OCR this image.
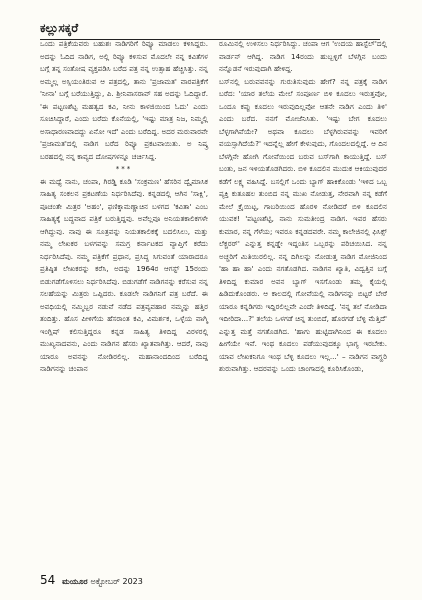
ಕಲ್ಲುಸಕ್ಕರೆ

ಒಂದು ಪತ್ರಿಕೆಯವರು ಬಹುಶಃ ನಾಡಿಗರಿಗೆ ರಿವ್ಯೂ ಮಾಡಲು ಕಳಿಸಿದ್ದರು. ಅದನ್ನು ಓದಿದ ನಾಡಿಗ, ಅಲ್ಲಿ ರಿವ್ಯೂ ಕಳಿಸುವ ಮೊದಲೇ ನನ್ನ ಕವಿತೆಗಳ ಬಗ್ಗೆ ತನ್ನ ಸಂತೋಷ ವ್ಯಕ್ತಪಡಿಸಿ ಬರೆದ ಪತ್ರ ನನ್ನ ಉತ್ಸಾಹ ಹೆಚ್ಚಿಸಿತ್ತು. ನನ್ನ ಅಮ್ಮಲ್ಲ ಅಸ್ಸಿಯಂತಿರುವ ಆ ಪತ್ರದಲ್ಲಿ, ತಾನು 'ಪ್ರಜಾಮತ' ವಾರಪತ್ರಿಕೆಗೆ 'ನೀನಾ' ಬಗ್ಗೆ ಬರೆಯುತ್ತಿದ್ದು, ಪಿ. ಶ್ರೀನಿವಾಸರಾವ್ ಸಹ ಅದನ್ನು ಓದಿದ್ದಾರೆ. 'ಈ ಪಟ್ಟಣಶೆಟ್ಟ ಮಹತ್ವದ ಕವಿ, ನೀನು ಕಾಳಜಿಯಿಂದ ಓದು' ಎಂದು ಸೂಚಿಸಿದ್ದಾರೆ, ಎಂದು ಬರೆದು ಕೊನೆಯಲ್ಲಿ, 'ಇಷ್ಟು ಮಾತ್ರ ನಿಜ, ನಿಮ್ಮಲ್ಲಿ ಅಸಾಧಾರಣವಾದದ್ದು ಏನೋ ಇದೆ' ಎಂದು ಬರೆದಿದ್ದ. ಅದರ ಮರುವಾರವೇ 'ಪ್ರಜಾಮತ'ದಲ್ಲಿ ನಾಡಿಗ ಬರೆದ ರಿವ್ಯೂ ಪ್ರಕಟವಾಯಿತು. ಅ ನಿಷ್ಕ್ರ ಬರಹದಲ್ಲಿ ನನ್ನ ಕಾವ್ಯದ ದೋಷಗಳನ್ನೂ ಚರ್ಚಿಸಿದ್ದ.

***

ಈ ಮಧ್ಯೆ ನಾನು, ಚಂಪಾ, ಗಿರಡ್ಡಿ ಕೂಡಿ 'ಸಂಕ್ರಮಣ' ಹೆಸರಿನ ದ್ವೈಮಾಸಿಕ ಸಾಹಿತ್ಯ ಸಂಕಲನ ಪ್ರಕಟಣೆಯ ನಿರ್ಧರಿಸಿದೆವು. ಕನ್ನಡದಲ್ಲಿ ಆಗಿನ 'ಸಾಕ್ಷಿ', ಪೂಚಂತೇ ಮಿತ್ರರ 'ಅಹಂ', ಫಣಿಕ್ಕಾಮಣ್ಣಾಚಿನ ಬಳಗದ 'ಕವಿತಾ' ಎಂಬ ಸಾಹಿತ್ಯಕ್ಕೆ ಬದ್ಧವಾದ ಪತ್ರಿಕೆ ಬರುತ್ತಿದ್ದವು. ಅವೆಲ್ಲವೂ ಅನಿಯತಕಾಲಿಕಗಳೇ ಆಗಿದ್ದುವು. ನಾವು ಈ ಸೂತ್ರವನ್ನು ನಿಯತಕಾಲಿಕಕ್ಕೆ ಬದಲಿಸಿಲು, ಮತ್ತು ನಮ್ಮ ಲೇಖಕರ ಬಳಗವನ್ನು ಸಮಗ್ರ ಕರ್ನಾಟಕದ ವ್ಯಾಪ್ತಿಗೆ ಕರೆದು ನಿರ್ಧರಿಸಿದೆವು. ನಮ್ಮ ಪತ್ರಿಕೆಗೆ ಪ್ರಧಾನ, ಪ್ರಸಿದ್ಧ ಸಿಗುವಂತೆ ಯಾರಾದರೂ ಪ್ರತಿಷ್ಠಿತ ಲೇಖಕರನ್ನು ಕರೆಸಿ, ಅದನ್ನು 1964ರ ಆಗಸ್ಟ್ 15ರಂದು ಬಿಡುಗಡೆಗೊಳಿಸಲು ನಿರ್ಧರಿಸಿದೆವು. ಬಿಡುಗಡೆಗೆ ನಾಡಿಗನನ್ನು ಕರೆಸುವ ನನ್ನ ಸಲಹೆಯನ್ನು ಮಿತ್ರರು ಒಪ್ಪಿದರು. ಕೂಡಲೇ ನಾಡಿಗನಿಗೆ ಪತ್ರ ಬರೆದೆ. ಈ ಅವಧಿಯಲ್ಲಿ ನಮ್ಮಿಬ್ಬರ ನಡುವೆ ನಡೆದ ಪತ್ರವ್ಯವಹಾರ ನಮ್ಮನ್ನು ಹತ್ತಿರ ತಂದಿತ್ತು. ಹೊಸ ಪೀಳಿಗೆಯ ಹೆಸರಾಂತ ಕವಿ, ವಿಮರ್ಶಕ, ಒಳ್ಳೆಯ ವಾಗ್ಮಿ ಇಂಗ್ಲಿಷ್ ಕಲಿಸುತ್ತಿದ್ದರೂ ಕನ್ನಡ ಸಾಹಿತ್ಯ ತಿಳಿದಿದ್ದ ವಿರಳರಲ್ಲಿ ಮುಖ್ಯನಾದವನು, ಎಂದು ನಾಡಿಗನ ಹೆಸರು ಖ್ಯಾತವಾಗಿತ್ತು. ಆದರೆ, ನಾವು ಯಾರೂ ಅವನನ್ನು ನೋಡಿರಲಿಲ್ಲ. ಮಹಾನಾಂದದಿಂದ ಬರೆದಿದ್ದ ನಾಡಿಗನನ್ನು ಚಂಪಾನ

ರೂಮಿನಲ್ಲಿ ಉಳಿಸಲು ನಿರ್ಧರಿಸಿದ್ದು. ಚಂಪಾ ಆಗ 'ಉದಯ ಹಾಸ್ಟೆಲ್'ದಲ್ಲಿ ವಾರ್ಡನ್ ಆಗಿದ್ದ. ನಾಡಿಗ 14ರಂದು ಹುಬ್ಬಳ್ಳಿಗೆ ಬೆಳಗ್ಗಿನ ಬಂದು ನನ್ನೊಡನೆ ಇರುವುದಾಗಿ ಹೇಳಿದ್ದ.

ಬಸ್‌ನಲ್ಲಿ ಬರುವವನನ್ನು ಗುರುತಿಸುವುದು ಹೇಗೆ? ನನ್ನ ಪತ್ರಕ್ಕೆ ನಾಡಿಗ ಬರೆದ: 'ಯಾರ ತಲೆಯ ಮೇಲೆ ಸಂಪೂರ್ಣ ಬಿಳಿ ಕೂದಲು ಇರುತ್ತವೋ, ಒಂದೂ ಕಪ್ಪು ಕೂದಲು ಇರುವುದಿಲ್ಲವೋ ಆತನೇ ನಾಡಿಗ ಎಂದು ತಿಳಿ' ಎಂದು ಬರೆದ. ನನಗೆ ಮೋಜೆನಿಸಿತು. 'ಇಷ್ಟು ಬೇಗ ಕೂದಲು ಬೆಳ್ಳಗಾಗಿವೆಯೇ? ಅಥವಾ ಕೂದಲು ಬೆಳ್ಳಗಿರುವವನ್ನು ಇವರಿಗೆ ವಯಸ್ಸಾಗಿದೆಯೆ?' ಇದನ್ನೆಲ್ಲ ಹೇಗೆ ಕೇಳುವುದು, ಗೊಂದಲದಲ್ಲಿದ್ದೆ. ಆ ದಿನ ಬೆಳಗ್ಗಿನೇ ಹೋಗಿ ಗೋವೆಯಿಂದ ಬರುವ ಬಸ್‌ಗಾಗಿ ಕಾಯುತ್ತಿದ್ದೆ. ಬಸ್ ಬಂತು, ಜನ ಇಳಿಯತೊಡಗಿದರು. ಬಿಳಿ ಕೂದಲಿನ ಮುದುಕ ಆಕಿಯುವುದರ ಕಡೆಗೆ ಲಕ್ಷ್ಯ ವಹಿಸಿದ್ದೆ. ಬಸಲ್ಲಿಗೆ ಒಂದು ಬ್ಯಾಗ್ ಹಾಕಿಕೊಂಡು 'ಇಳಿದ ಒಬ್ಬ ಪ್ಯಕ್ತಿ ಕುತೂಹಲ ತುಂಬಿದ ನನ್ನ ಮುಖ ನೋಡುತ್ತ, ನೇರವಾಗಿ ನನ್ನ ಕಡೆಗೆ ಮೇಲೆ ಕ್ರೈಯಿಟ್ಟ, ಗಾಬರಿಯಿಂದ ಹೊರಳಿ ನೋಡಿದರೆ ಬಿಳಿ ಕೂದಲಿನ ಯುವಕ! 'ಪಟ್ಟಣಶೆಟ್ಟಿ, ನಾನು ಸುಮತೀಂದ್ರ ನಾಡಿಗ. ಇವರ ಹೆಸರು ಕುಮಾರ, ನನ್ನ ಗೆಳೆಯ; ಇವರೂ ಕನ್ನಡದವರೇ. ನಮ್ಮ ಕಾಲೇಜಿನಲ್ಲಿ ಫಿಸಿಕ್ಸ್ ಲೆಕ್ಚರರ್' ಎನ್ನುತ್ತ ಕನ್ನಡ್ಡೇ ಇದ್ದಂತಿಸ ಒಬ್ಬರನ್ನು ಪರಿಚಯಿಸಿದ. ನನ್ನ ಅಚ್ಚರಿಗೆ ಮಿತಿಯಿರಲಿಲ್ಲ. ನನ್ನ ದಿಗಿಲನ್ನು ನೋಡುತ್ತ ನಾಡಿಗ ಮೋಜಿನಿಂದ 'ಹಾ ಹಾ ಹಾ' ಎಂದು ನಗತೊಡಗಿದ. ನಾಡಿಗನ ಖ್ಯಾತಿ, ವಿದ್ವತ್ತಿನ ಬಗ್ಗೆ ತಿಳಿದಿದ್ದ ಕುಮಾರ ಅವನ ಬ್ಯಾಗ್ ಇಸಗೊಂಡು ತಮ್ಮ ಕೈಯಲ್ಲಿ ಹಿಡಿದುಕೊಂಡರು. ಆ ಕಾಲದಲ್ಲಿ ಗೋವೆಯಲ್ಲಿ ನಾಡಿಗನನ್ನು ಬಿಟ್ಟರೆ ಬೇರೆ ಯಾರೂ ಕನ್ನಡಿಗರು ಇದ್ದಿರಲಿಲ್ಲವೇ ಎಂದೇ ತಿಳಿದಿದ್ದೆ. 'ನನ್ನ ತಲೆ ನೋಡಿದಾ ಇದೀರಿದಾ...?' ತಲೆಯ ಒಳಗಡೆ ಚಿನ್ನ ತುಂಬಿದೆ, ಹೊರಗಡೆ ಬೆಳ್ಳಿ ಮೆತ್ತಿದೆ' ಎನ್ನುತ್ತ ಮತ್ತೆ ನಗತೊಡಗಿದ. 'ಹಾಗು ಹುಟ್ಟಿದಾಗಿನಿಂದ ಈ ಕೂದಲು ಹೀಗೆಯೇ ಇವೆ. ಇಂಥ ಕೂದಲು ಪಡೆಯುವುದಕ್ಕೂ ಭಾಗ್ಯ ಇರಬೇಕು. ಯಾವ ಲೇಖಕನಿಗೂ ಇಂಥ ಬೆಳ್ಳಿ ಕೂದಲು ಇಲ್ಲ...' – ನಾಡಿಗನ ವಾಗ್ಹರಿ ಶುರುವಾಗಿತ್ತು. ಆದರವನ್ನು ಒಂದು ಚಾಂಗಾದಲ್ಲಿ ಕೂರಿಸಿಕೊಂಡು,

54 ಮಯೂರ ಅಕ್ಟೋಬರ್ 2023
